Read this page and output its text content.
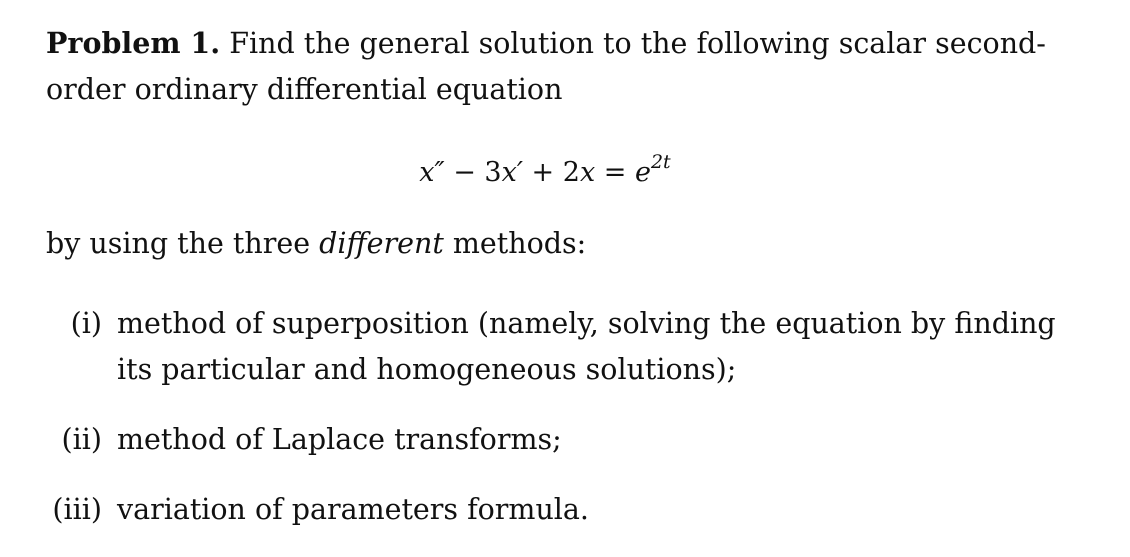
Problem 1. Find the general solution to the following scalar second-order ordinary differential equation

$x'' - 3x' + 2x = e^{2t}$

by using the three different methods:

(i) method of superposition (namely, solving the equation by finding its particular and homogeneous solutions);
(ii) method of Laplace transforms;
(iii) variation of parameters formula.
